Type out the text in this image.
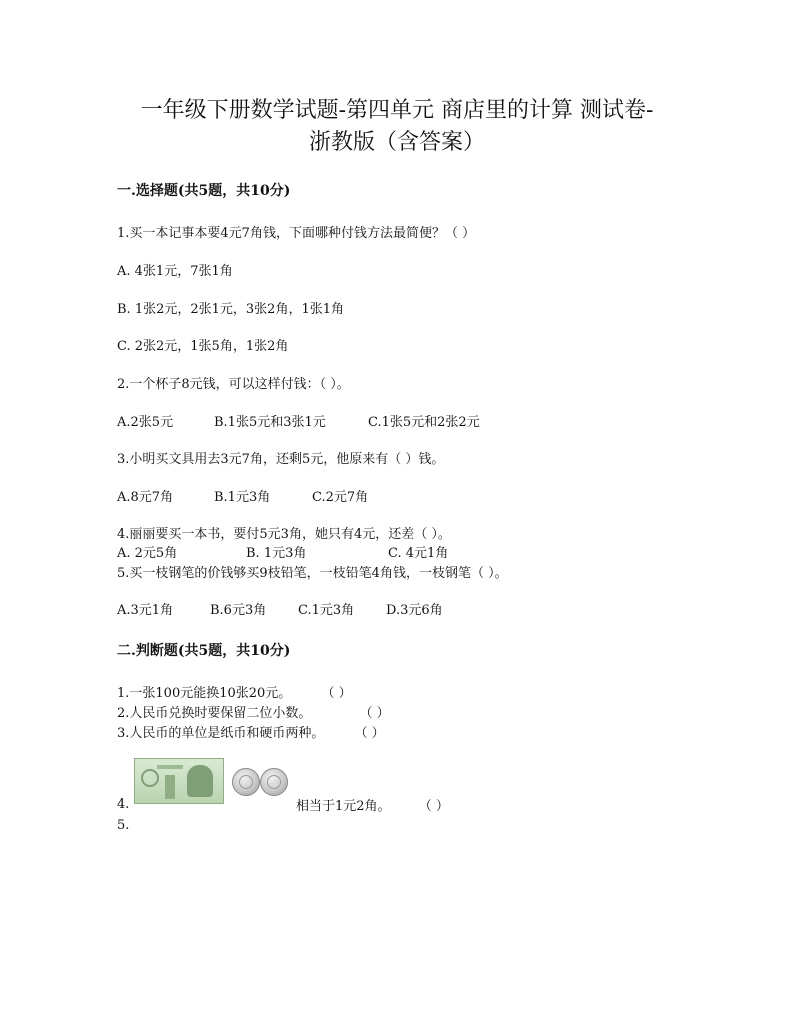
一年级下册数学试题-第四单元 商店里的计算 测试卷-
浙教版（含答案）
一.选择题(共5题，共10分)
1.买一本记事本要4元7角钱，下面哪种付钱方法最简便？（ ）
A. 4张1元，7张1角
B. 1张2元，2张1元，3张2角，1张1角
C. 2张2元，1张5角，1张2角
2.一个杯子8元钱，可以这样付钱：（ ）。
A.2张5元	B.1张5元和3张1元	C.1张5元和2张2元
3.小明买文具用去3元7角，还剩5元，他原来有（ ）钱。
A.8元7角	B.1元3角	C.2元7角
4.丽丽要买一本书，要付5元3角，她只有4元，还差（ ）。
A. 2元5角	B. 1元3角	C. 4元1角
5.买一枝钢笔的价钱够买9枝铅笔，一枝铅笔4角钱，一枝钢笔（ ）。
A.3元1角	B.6元3角 C.1元3角 D.3元6角
二.判断题(共5题，共10分)
1.一张100元能换10张20元。 （ ）
2.人民币兑换时要保留二位小数。	（ ）
3.人民币的单位是纸币和硬币两种。 （ ）
4.	相当于1元2角。 （ ）
5.
